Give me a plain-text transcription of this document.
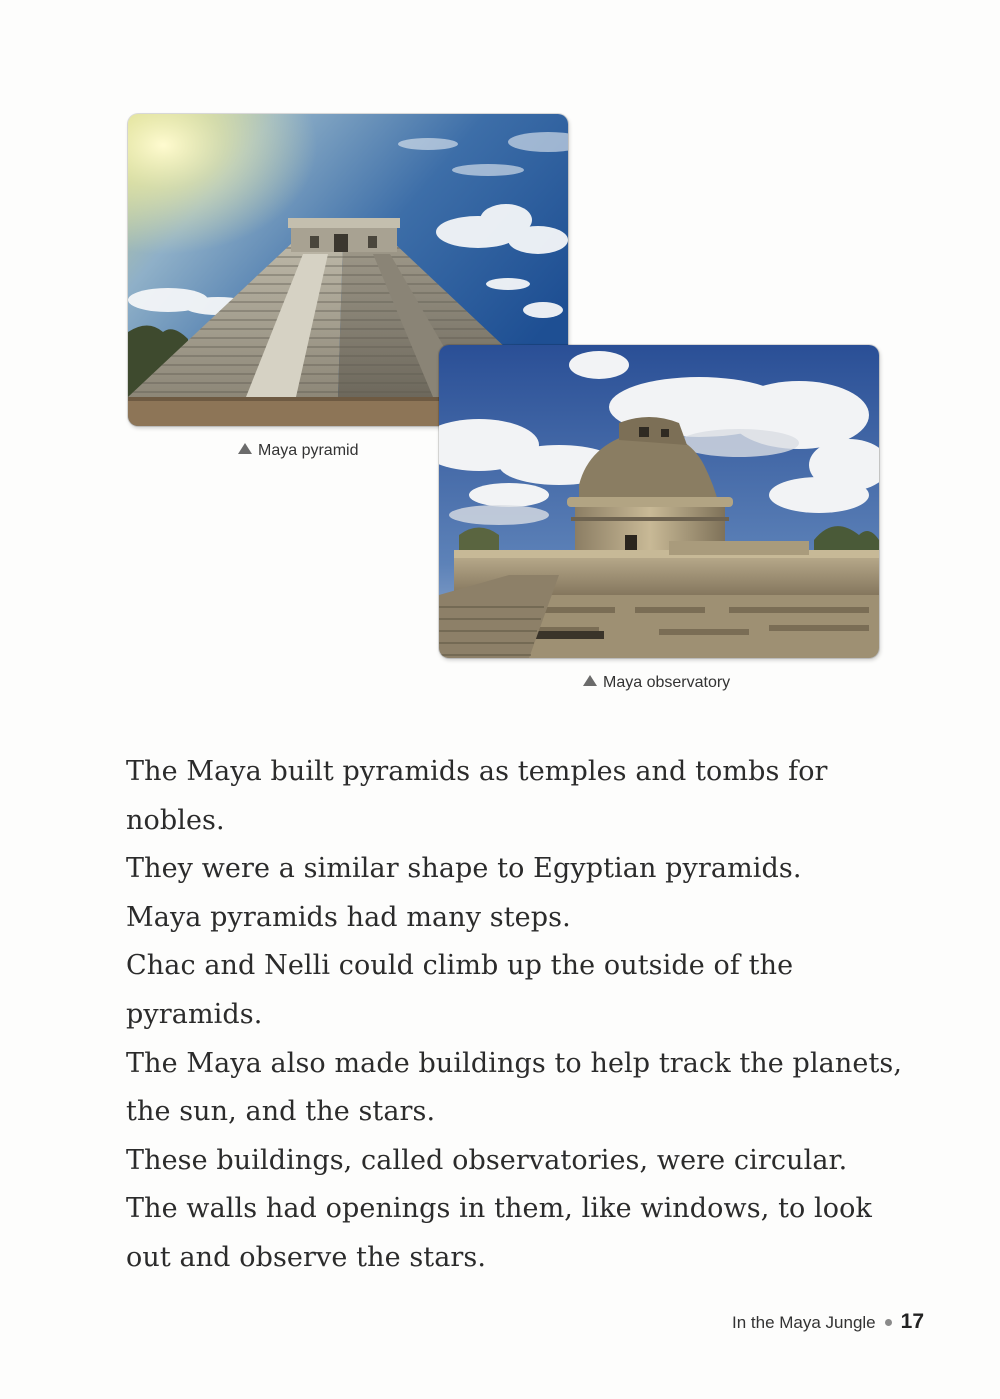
Maya pyramid
Maya observatory

The Maya built pyramids as temples and tombs for nobles.

They were a similar shape to Egyptian pyramids.

Maya pyramids had many steps.

Chac and Nelli could climb up the outside of the pyramids.

The Maya also made buildings to help track the planets, the sun, and the stars.

These buildings, called observatories, were circular.

The walls had openings in them, like windows, to look out and observe the stars.

In the Maya Jungle 17
